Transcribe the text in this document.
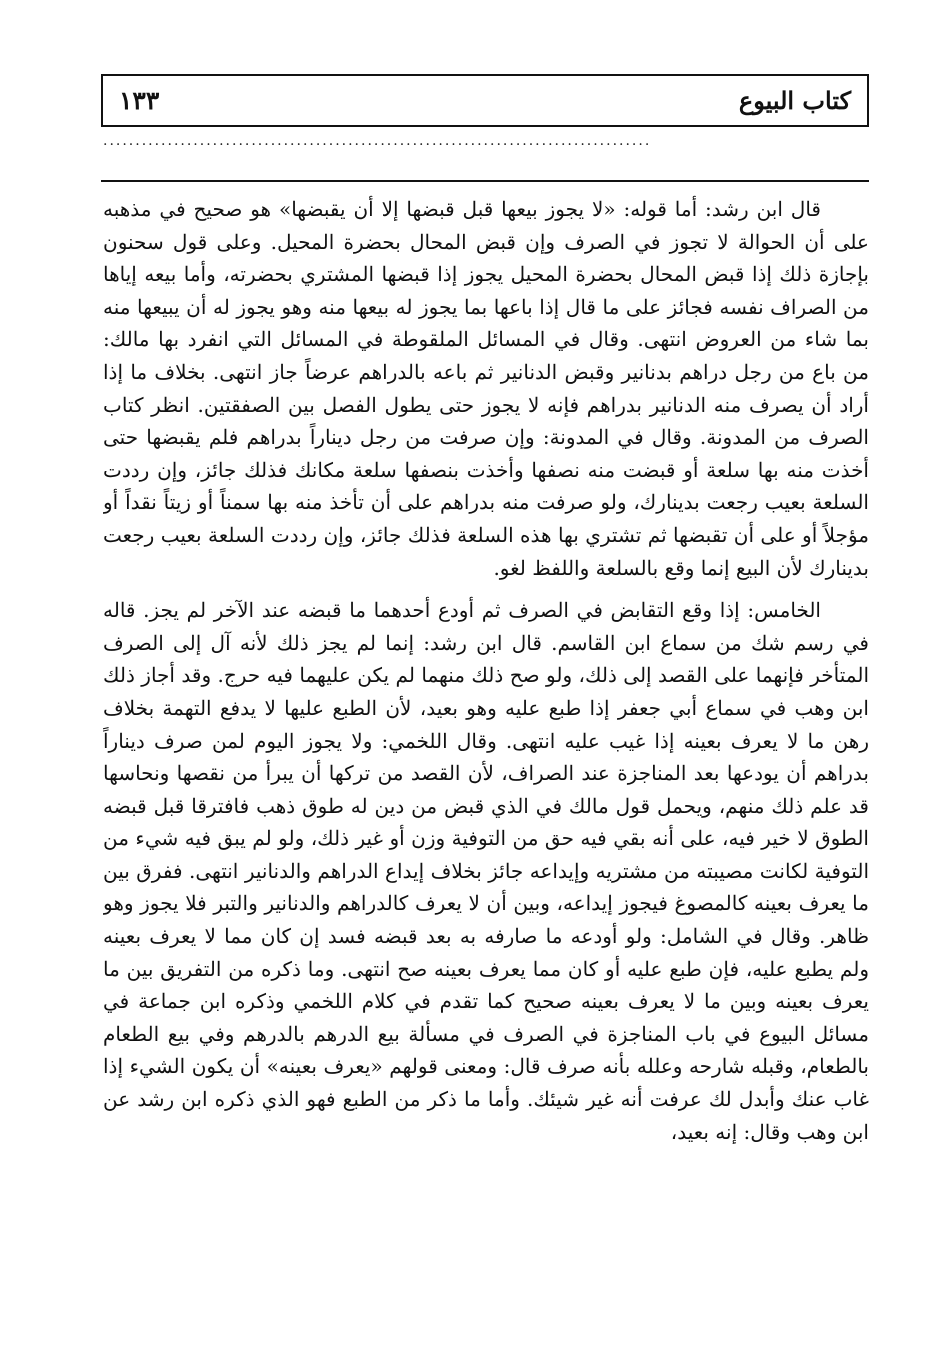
١٣٣	كتاب البيوع
.....................................................................................

قال ابن رشد: أما قوله: «لا يجوز بيعها قبل قبضها إلا أن يقبضها» هو صحيح في مذهبه على أن الحوالة لا تجوز في الصرف وإن قبض المحال بحضرة المحيل. وعلى قول سحنون بإجازة ذلك إذا قبض المحال بحضرة المحيل يجوز إذا قبضها المشتري بحضرته، وأما بيعه إياها من الصراف نفسه فجائز على ما قال إذا باعها بما يجوز له بيعها منه وهو يجوز له أن يبيعها منه بما شاء من العروض انتهى. وقال في المسائل الملقوطة في المسائل التي انفرد بها مالك: من باع من رجل دراهم بدنانير وقبض الدنانير ثم باعه بالدراهم عرضاً جاز انتهى. بخلاف ما إذا أراد أن يصرف منه الدنانير بدراهم فإنه لا يجوز حتى يطول الفصل بين الصفقتين. انظر كتاب الصرف من المدونة. وقال في المدونة: وإن صرفت من رجل ديناراً بدراهم فلم يقبضها حتى أخذت منه بها سلعة أو قبضت منه نصفها وأخذت بنصفها سلعة مكانك فذلك جائز، وإن رددت السلعة بعيب رجعت بدينارك، ولو صرفت منه بدراهم على أن تأخذ منه بها سمناً أو زيتاً نقداً أو مؤجلاً أو على أن تقبضها ثم تشتري بها هذه السلعة فذلك جائز، وإن رددت السلعة بعيب رجعت بدينارك لأن البيع إنما وقع بالسلعة واللفظ لغو.

الخامس: إذا وقع التقابض في الصرف ثم أودع أحدهما ما قبضه عند الآخر لم يجز. قاله في رسم شك من سماع ابن القاسم. قال ابن رشد: إنما لم يجز ذلك لأنه آل إلى الصرف المتأخر فإنهما على القصد إلى ذلك، ولو صح ذلك منهما لم يكن عليهما فيه حرج. وقد أجاز ذلك ابن وهب في سماع أبي جعفر إذا طبع عليه وهو بعيد، لأن الطبع عليها لا يدفع التهمة بخلاف رهن ما لا يعرف بعينه إذا غيب عليه انتهى. وقال اللخمي: ولا يجوز اليوم لمن صرف ديناراً بدراهم أن يودعها بعد المناجزة عند الصراف، لأن القصد من تركها أن يبرأ من نقصها ونحاسها قد علم ذلك منهم، ويحمل قول مالك في الذي قبض من دين له طوق ذهب فافترقا قبل قبضه الطوق لا خير فيه، على أنه بقي فيه حق من التوفية وزن أو غير ذلك، ولو لم يبق فيه شيء من التوفية لكانت مصيبته من مشتريه وإيداعه جائز بخلاف إيداع الدراهم والدنانير انتهى. ففرق بين ما يعرف بعينه كالمصوغ فيجوز إيداعه، وبين أن لا يعرف كالدراهم والدنانير والتبر فلا يجوز وهو ظاهر. وقال في الشامل: ولو أودعه ما صارفه به بعد قبضه فسد إن كان مما لا يعرف بعينه ولم يطبع عليه، فإن طبع عليه أو كان مما يعرف بعينه صح انتهى. وما ذكره من التفريق بين ما يعرف بعينه وبين ما لا يعرف بعينه صحيح كما تقدم في كلام اللخمي وذكره ابن جماعة في مسائل البيوع في باب المناجزة في الصرف في مسألة بيع الدرهم بالدرهم وفي بيع الطعام بالطعام، وقبله شارحه وعلله بأنه صرف قال: ومعنى قولهم «يعرف بعينه» أن يكون الشيء إذا غاب عنك وأبدل لك عرفت أنه غير شيئك. وأما ما ذكر من الطبع فهو الذي ذكره ابن رشد عن ابن وهب وقال: إنه بعيد،
